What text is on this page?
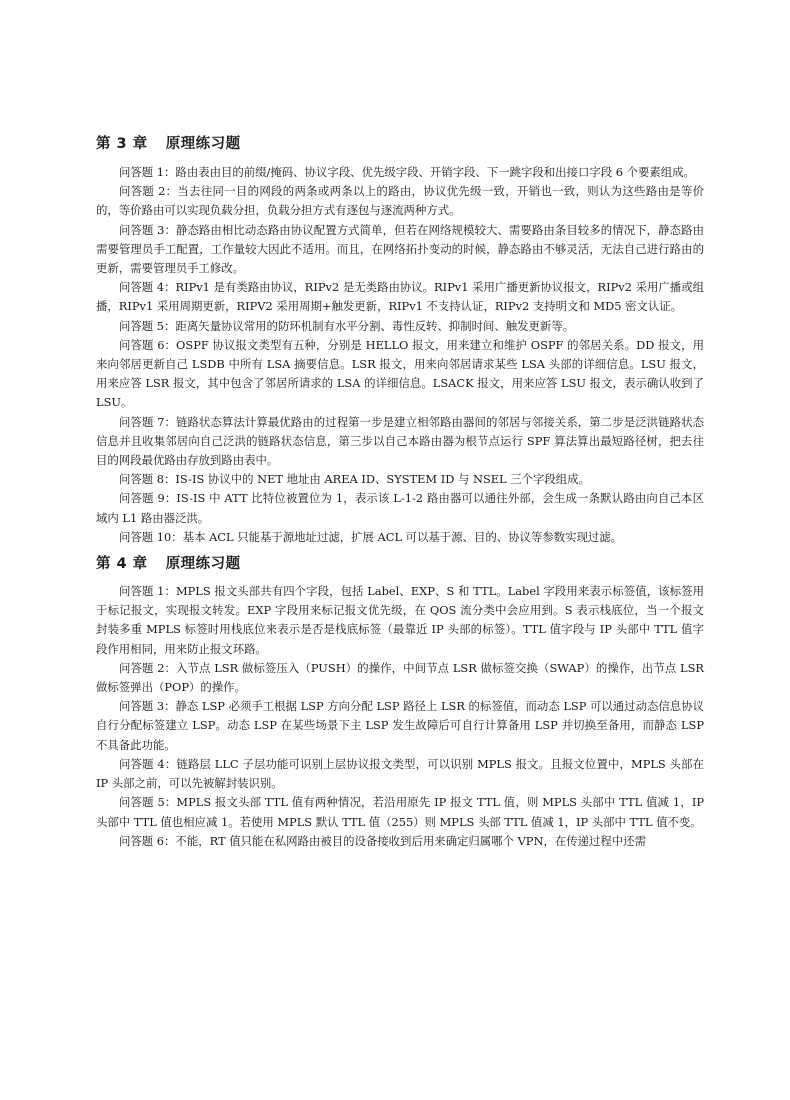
第 3 章 原理练习题

问答题 1：路由表由目的前缀/掩码、协议字段、优先级字段、开销字段、下一跳字段和出接口字段 6 个要素组成。

问答题 2：当去往同一目的网段的两条或两条以上的路由，协议优先级一致，开销也一致，则认为这些路由是等价的，等价路由可以实现负载分担，负载分担方式有逐包与逐流两种方式。

问答题 3：静态路由相比动态路由协议配置方式简单，但若在网络规模较大、需要路由条目较多的情况下，静态路由需要管理员手工配置，工作量较大因此不适用。而且，在网络拓扑变动的时候，静态路由不够灵活，无法自己进行路由的更新，需要管理员手工修改。

问答题 4：RIPv1 是有类路由协议，RIPv2 是无类路由协议。RIPv1 采用广播更新协议报文，RIPv2 采用广播或组播，RIPv1 采用周期更新，RIPV2 采用周期+触发更新，RIPv1 不支持认证，RIPv2 支持明文和 MD5 密文认证。

问答题 5：距离矢量协议常用的防环机制有水平分割、毒性反转、抑制时间、触发更新等。

问答题 6：OSPF 协议报文类型有五种，分别是 HELLO 报文，用来建立和维护 OSPF 的邻居关系。DD 报文，用来向邻居更新自己 LSDB 中所有 LSA 摘要信息。LSR 报文，用来向邻居请求某些 LSA 头部的详细信息。LSU 报文，用来应答 LSR 报文，其中包含了邻居所请求的 LSA 的详细信息。LSACK 报文，用来应答 LSU 报文，表示确认收到了 LSU。

问答题 7：链路状态算法计算最优路由的过程第一步是建立相邻路由器间的邻居与邻接关系，第二步是泛洪链路状态信息并且收集邻居向自己泛洪的链路状态信息，第三步以自己本路由器为根节点运行 SPF 算法算出最短路径树，把去往目的网段最优路由存放到路由表中。

问答题 8：IS-IS 协议中的 NET 地址由 AREA ID、SYSTEM ID 与 NSEL 三个字段组成。

问答题 9：IS-IS 中 ATT 比特位被置位为 1，表示该 L-1-2 路由器可以通往外部，会生成一条默认路由向自己本区域内 L1 路由器泛洪。

问答题 10：基本 ACL 只能基于源地址过滤，扩展 ACL 可以基于源、目的、协议等参数实现过滤。

第 4 章 原理练习题

问答题 1：MPLS 报文头部共有四个字段，包括 Label、EXP、S 和 TTL。Label 字段用来表示标签值，该标签用于标记报文，实现报文转发。EXP 字段用来标记报文优先级，在 QOS 流分类中会应用到。S 表示栈底位，当一个报文封装多重 MPLS 标签时用栈底位来表示是否是栈底标签（最靠近 IP 头部的标签）。TTL 值字段与 IP 头部中 TTL 值字段作用相同，用来防止报文环路。

问答题 2：入节点 LSR 做标签压入（PUSH）的操作，中间节点 LSR 做标签交换（SWAP）的操作，出节点 LSR 做标签弹出（POP）的操作。

问答题 3：静态 LSP 必须手工根据 LSP 方向分配 LSP 路径上 LSR 的标签值，而动态 LSP 可以通过动态信息协议自行分配标签建立 LSP。动态 LSP 在某些场景下主 LSP 发生故障后可自行计算备用 LSP 并切换至备用，而静态 LSP 不具备此功能。

问答题 4：链路层 LLC 子层功能可识别上层协议报文类型，可以识别 MPLS 报文。且报文位置中，MPLS 头部在 IP 头部之前，可以先被解封装识别。

问答题 5：MPLS 报文头部 TTL 值有两种情况，若沿用原先 IP 报文 TTL 值，则 MPLS 头部中 TTL 值减 1，IP 头部中 TTL 值也相应减 1。若使用 MPLS 默认 TTL 值（255）则 MPLS 头部 TTL 值减 1，IP 头部中 TTL 值不变。

问答题 6：不能，RT 值只能在私网路由被目的设备接收到后用来确定归属哪个 VPN，在传递过程中还需
